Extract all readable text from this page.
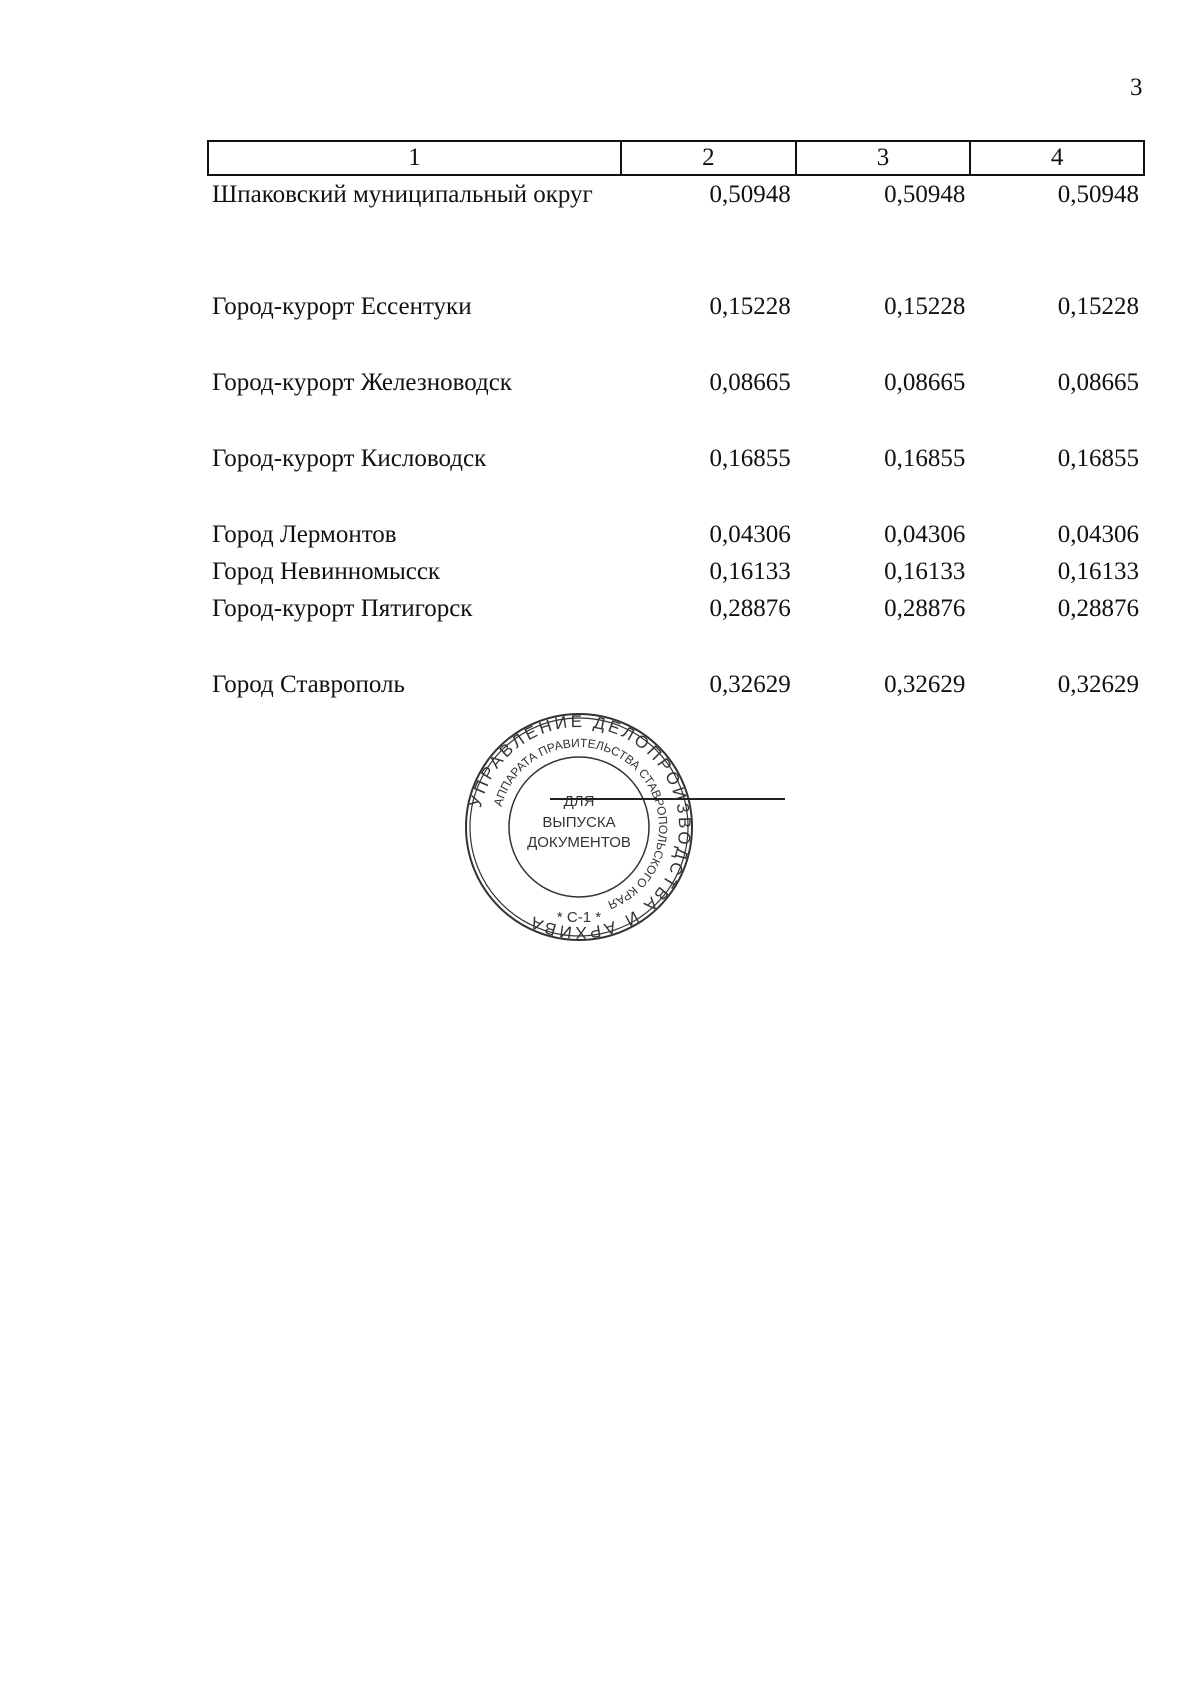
3
1	2	3	4
Шпаковский муниципальный округ	0,50948	0,50948	0,50948
Город-курорт Ессентуки	0,15228	0,15228	0,15228
Город-курорт Железноводск	0,08665	0,08665	0,08665
Город-курорт Кисловодск	0,16855	0,16855	0,16855
Город Лермонтов	0,04306	0,04306	0,04306
Город Невинномысск	0,16133	0,16133	0,16133
Город-курорт Пятигорск	0,28876	0,28876	0,28876
Город Ставрополь	0,32629	0,32629	0,32629
УПРАВЛЕНИЕ ДЕЛОПРОИЗВОДСТВА И АРХИВА
АППАРАТА ПРАВИТЕЛЬСТВА СТАВРОПОЛЬСКОГО КРАЯ
ДЛЯ
ВЫПУСКА
ДОКУМЕНТОВ
* С-1 *
